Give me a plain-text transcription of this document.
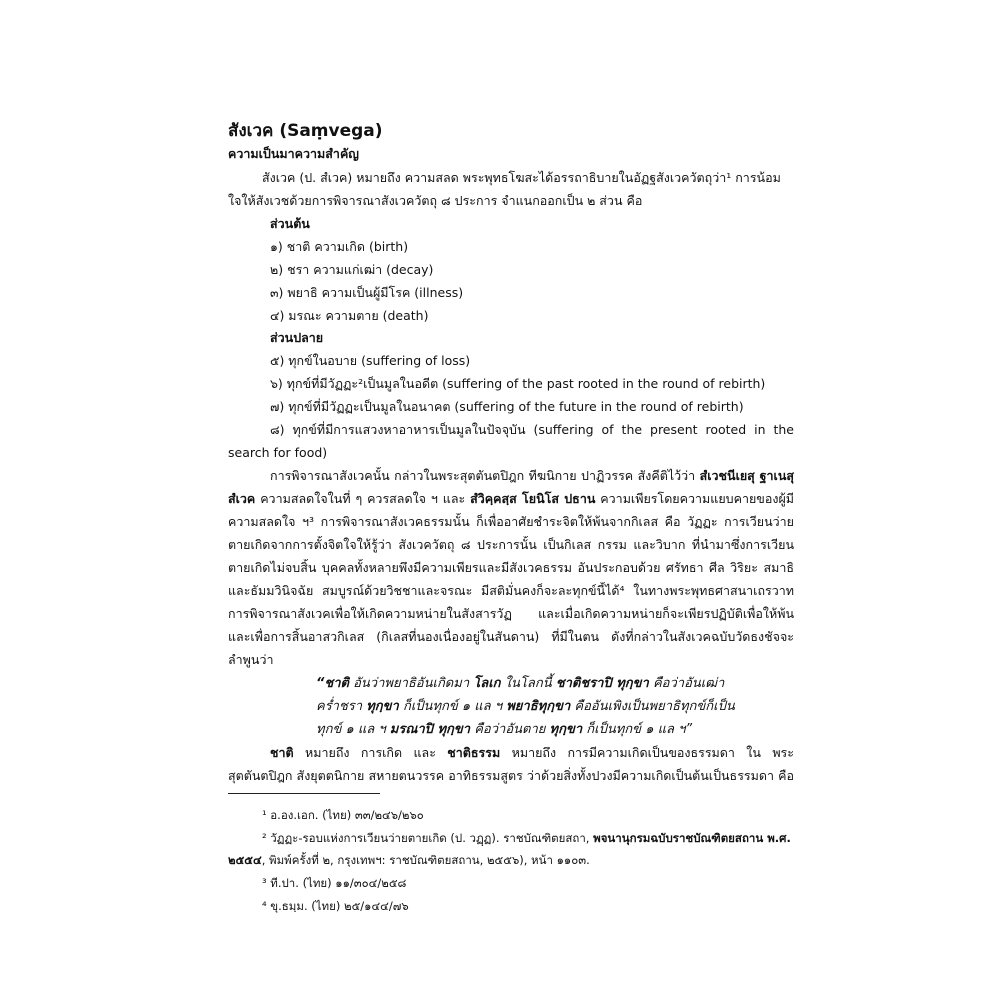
สังเวค (Saṃvega)
ความเป็นมาความสำคัญ
สังเวค (ป. สํเวค) หมายถึง ความสลด พระพุทธโฆสะได้อรรถาธิบายในอัฏฐสังเวควัตถุว่า¹ การน้อม
ใจให้สังเวชด้วยการพิจารณาสังเวควัตถุ ๘ ประการ จำแนกออกเป็น ๒ ส่วน คือ
ส่วนต้น
๑) ชาติ ความเกิด (birth)
๒) ชรา ความแก่เฒ่า (decay)
๓) พยาธิ ความเป็นผู้มีโรค (illness)
๔) มรณะ ความตาย (death)
ส่วนปลาย
๕) ทุกข์ในอบาย (suffering of loss)
๖) ทุกข์ที่มีวัฏฏะ²เป็นมูลในอดีต (suffering of the past rooted in the round of rebirth)
๗) ทุกข์ที่มีวัฏฏะเป็นมูลในอนาคต (suffering of the future in the round of rebirth)
๘) ทุกข์ที่มีการแสวงหาอาหารเป็นมูลในปัจจุบัน (suffering of the present rooted in the
search for food)
การพิจารณาสังเวคนั้น กล่าวในพระสุตตันตปิฎก ทีฆนิกาย ปาฏิวรรค สังคีติไว้ว่า สํเวชนีเยสุ ฐาเนสุ
สํเวค ความสลดใจในที่ ๆ ควรสลดใจ ฯ และ สํวิคฺคสฺส โยนิโส ปธาน ความเพียรโดยความแยบคายของผู้มี
ความสลดใจ ฯ³ การพิจารณาสังเวคธรรมนั้น ก็เพื่ออาศัยชำระจิตให้พ้นจากกิเลส คือ วัฏฏะ การเวียนว่าย
ตายเกิดจากการตั้งจิตใจให้รู้ว่า สังเวควัตถุ ๘ ประการนั้น เป็นกิเลส กรรม และวิบาก ที่นำมาซึ่งการเวียน
ตายเกิดไม่จบสิ้น บุคคลทั้งหลายพึงมีความเพียรและมีสังเวคธรรม อันประกอบด้วย ศรัทธา ศีล วิริยะ สมาธิ
และธัมมวินิจฉัย สมบูรณ์ด้วยวิชชาและจรณะ มีสติมั่นคงก็จะละทุกข์นี้ได้⁴ ในทางพระพุทธศาสนาเถรวาท
การพิจารณาสังเวคเพื่อให้เกิดความหน่ายในสังสารวัฏ และเมื่อเกิดความหน่ายก็จะเพียรปฏิบัติเพื่อให้พ้น
และเพื่อการสิ้นอาสวกิเลส (กิเลสที่นองเนื่องอยู่ในสันดาน) ที่มีในตน ดังที่กล่าวในสังเวคฉบับวัดธงชัจจะ
ลำพูนว่า
“ชาติ อันว่าพยาธิอันเกิดมา โลเก ในโลกนี้ ชาติชราปิ ทุกฺขา คือว่าอันเฒ่า
คร่ำชรา ทุกฺขา ก็เป็นทุกข์ ๑ แล ฯ พยาธิทุกฺขา คืออันเพิงเป็นพยาธิทุกข์ก็เป็น
ทุกข์ ๑ แล ฯ มรณาปิ ทุกฺขา คือว่าอันตาย ทุกฺขา ก็เป็นทุกข์ ๑ แล ฯ”
ชาติ หมายถึง การเกิด และ ชาติธรรม หมายถึง การมีความเกิดเป็นของธรรมดา ใน พระ
สุตตันตปิฎก สังยุตตนิกาย สหายตนวรรค อาทิธรรมสูตร ว่าด้วยสิ่งทั้งปวงมีความเกิดเป็นต้นเป็นธรรมดา คือ
¹ อ.อง.เอก. (ไทย) ๓๓/๒๔๖/๒๖๐
² วัฏฏะ-รอบแห่งการเวียนว่ายตายเกิด (ป. วฏฺฏ). ราชบัณฑิตยสถา, พจนานุกรมฉบับราชบัณฑิตยสถาน พ.ศ.
๒๕๕๔, พิมพ์ครั้งที่ ๒, กรุงเทพฯ: ราชบัณฑิตยสถาน, ๒๕๕๖), หน้า ๑๑๐๓.
³ ที.ปา. (ไทย) ๑๑/๓๐๔/๒๕๘
⁴ ขุ.ธมฺม. (ไทย) ๒๕/๑๔๔/๗๖
